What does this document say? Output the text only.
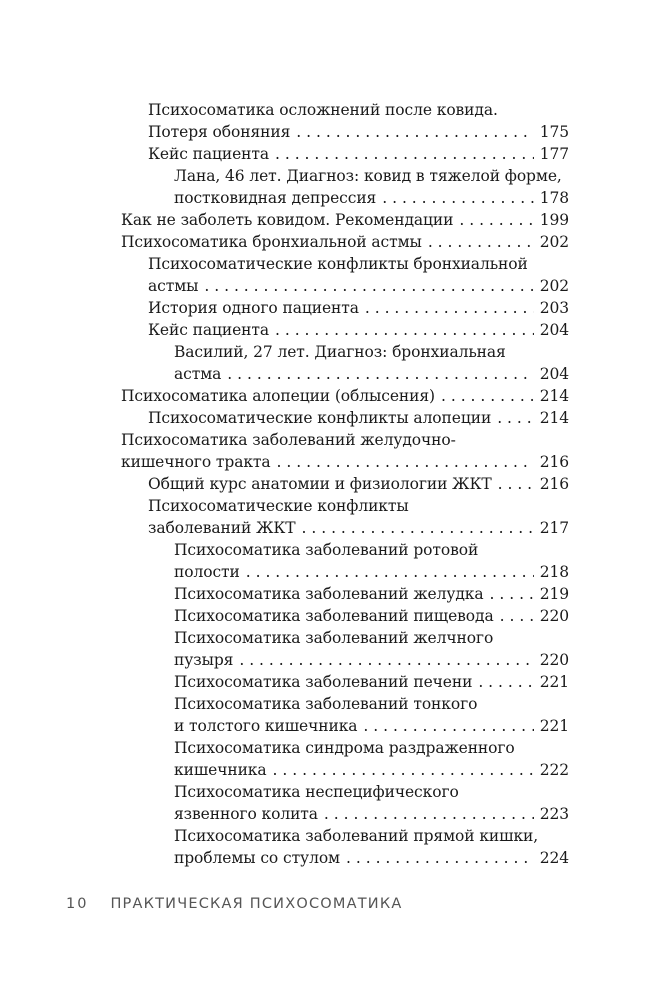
Психосоматика осложнений после ковида.
Потеря обоняния . . .	175
Кейс пациента . . .	177
Лана, 46 лет. Диагноз: ковид в тяжелой форме,
постковидная депрессия . . .	178
Как не заболеть ковидом. Рекомендации . . .	199
Психосоматика бронхиальной астмы . . .	202
Психосоматические конфликты бронхиальной
астмы . . .	202
История одного пациента . . .	203
Кейс пациента . . .	204
Василий, 27 лет. Диагноз: бронхиальная
астма . . .	204
Психосоматика алопеции (облысения) . . .	214
Психосоматические конфликты алопеции . . .	214
Психосоматика заболеваний желудочно-
кишечного тракта . . .	216
Общий курс анатомии и физиологии ЖКТ . . .	216
Психосоматические конфликты
заболеваний ЖКТ . . .	217
Психосоматика заболеваний ротовой
полости . . .	218
Психосоматика заболеваний желудка . . .	219
Психосоматика заболеваний пищевода . . .	220
Психосоматика заболеваний желчного
пузыря . . .	220
Психосоматика заболеваний печени . . .	221
Психосоматика заболеваний тонкого
и толстого кишечника . . .	221
Психосоматика синдрома раздраженного
кишечника . . .	222
Психосоматика неспецифического
язвенного колита . . .	223
Психосоматика заболеваний прямой кишки,
проблемы со стулом . . .	224
10 ПРАКТИЧЕСКАЯ ПСИХОСОМАТИКА
